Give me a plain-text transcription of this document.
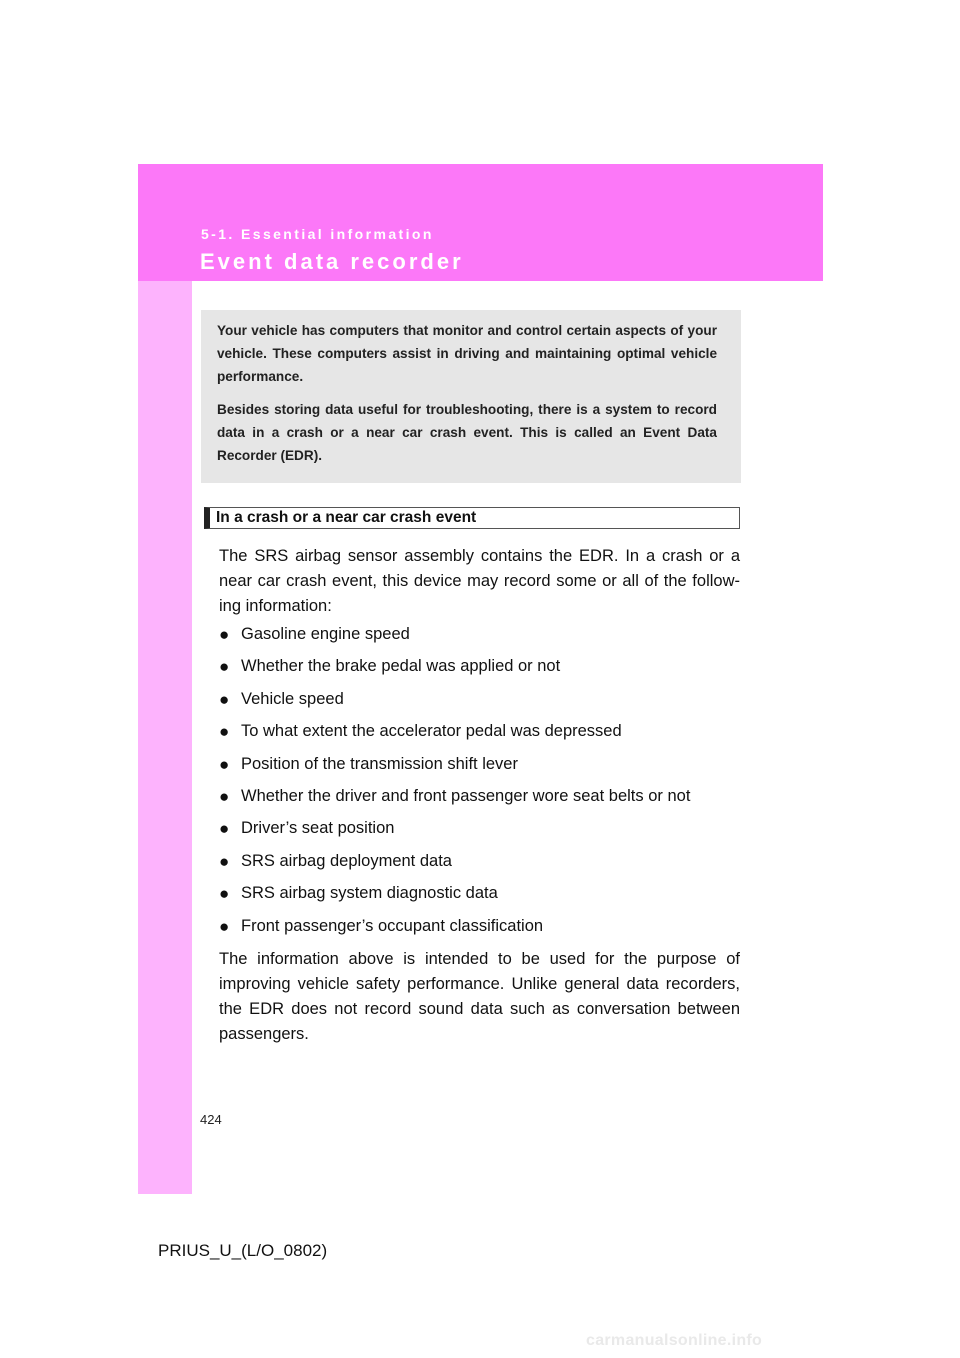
5-1. Essential information
Event data recorder

Your vehicle has computers that monitor and control certain aspects of your vehicle. These computers assist in driving and maintaining optimal vehicle performance.

Besides storing data useful for troubleshooting, there is a system to record data in a crash or a near car crash event. This is called an Event Data Recorder (EDR).

In a crash or a near car crash event

The SRS airbag sensor assembly contains the EDR. In a crash or a near car crash event, this device may record some or all of the follow-ing information:

● Gasoline engine speed
● Whether the brake pedal was applied or not
● Vehicle speed
● To what extent the accelerator pedal was depressed
● Position of the transmission shift lever
● Whether the driver and front passenger wore seat belts or not
● Driver’s seat position
● SRS airbag deployment data
● SRS airbag system diagnostic data
● Front passenger’s occupant classification

The information above is intended to be used for the purpose of improving vehicle safety performance. Unlike general data recorders, the EDR does not record sound data such as conversation between passengers.

424
PRIUS_U_(L/O_0802)
carmanualsonline.info
